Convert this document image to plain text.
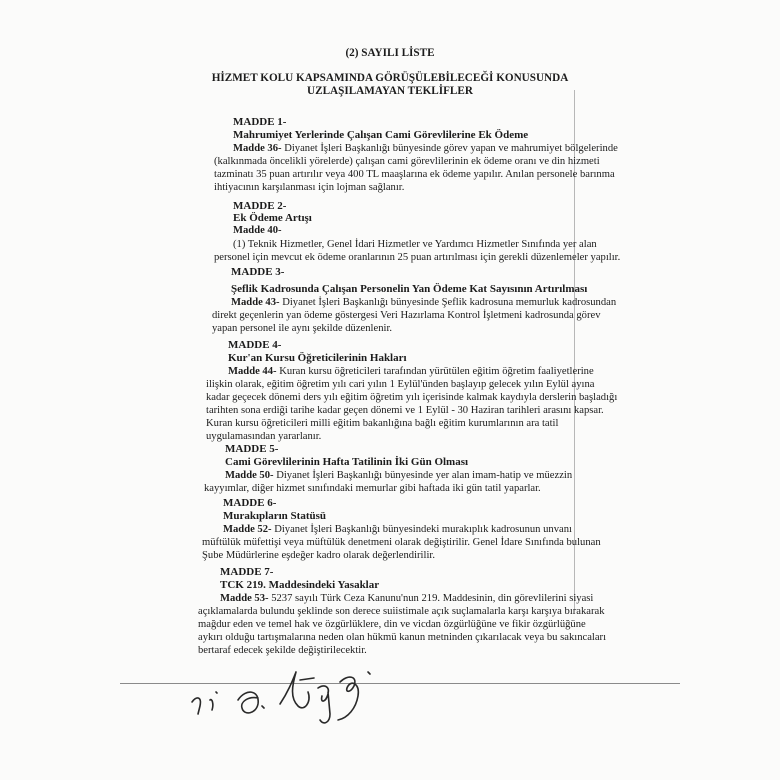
(2) SAYILI LİSTE
HİZMET KOLU KAPSAMINDA GÖRÜŞÜLEBİLECEĞİ KONUSUNDA
UZLAŞILAMAYAN TEKLİFLER
MADDE 1-
Mahrumiyet Yerlerinde Çalışan Cami Görevlilerine Ek Ödeme
Madde 36- Diyanet İşleri Başkanlığı bünyesinde görev yapan ve mahrumiyet bölgelerinde
(kalkınmada öncelikli yörelerde) çalışan cami görevlilerinin ek ödeme oranı ve din hizmeti
tazminatı 35 puan artırılır veya 400 TL maaşlarına ek ödeme yapılır. Anılan personele barınma
ihtiyacının karşılanması için lojman sağlanır.
MADDE 2-
Ek Ödeme Artışı
Madde 40-
(1) Teknik Hizmetler, Genel İdari Hizmetler ve Yardımcı Hizmetler Sınıfında yer alan
personel için mevcut ek ödeme oranlarının 25 puan artırılması için gerekli düzenlemeler yapılır.
MADDE 3-
Şeflik Kadrosunda Çalışan Personelin Yan Ödeme Kat Sayısının Artırılması
Madde 43- Diyanet İşleri Başkanlığı bünyesinde Şeflik kadrosuna memurluk kadrosundan
direkt geçenlerin yan ödeme göstergesi Veri Hazırlama Kontrol İşletmeni kadrosunda görev
yapan personel ile aynı şekilde düzenlenir.
MADDE 4-
Kur'an Kursu Öğreticilerinin Hakları
Madde 44- Kuran kursu öğreticileri tarafından yürütülen eğitim öğretim faaliyetlerine
ilişkin olarak, eğitim öğretim yılı cari yılın 1 Eylül'ünden başlayıp gelecek yılın Eylül ayına
kadar geçecek dönemi ders yılı eğitim öğretim yılı içerisinde kalmak kaydıyla derslerin başladığı
tarihten sona erdiği tarihe kadar geçen dönemi ve 1 Eylül - 30 Haziran tarihleri arasını kapsar.
Kuran kursu öğreticileri milli eğitim bakanlığına bağlı eğitim kurumlarının ara tatil
uygulamasından yararlanır.
MADDE 5-
Cami Görevlilerinin Hafta Tatilinin İki Gün Olması
Madde 50- Diyanet İşleri Başkanlığı bünyesinde yer alan imam-hatip ve müezzin
kayyımlar, diğer hizmet sınıfındaki memurlar gibi haftada iki gün tatil yaparlar.
MADDE 6-
Murakıpların Statüsü
Madde 52- Diyanet İşleri Başkanlığı bünyesindeki murakıplık kadrosunun unvanı
müftülük müfettişi veya müftülük denetmeni olarak değiştirilir. Genel İdare Sınıfında bulunan
Şube Müdürlerine eşdeğer kadro olarak değerlendirilir.
MADDE 7-
TCK 219. Maddesindeki Yasaklar
Madde 53- 5237 sayılı Türk Ceza Kanunu'nun 219. Maddesinin, din görevlilerini siyasi
açıklamalarda bulundu şeklinde son derece suiistimale açık suçlamalarla karşı karşıya bırakarak
mağdur eden ve temel hak ve özgürlüklere, din ve vicdan özgürlüğüne ve fikir özgürlüğüne
aykırı olduğu tartışmalarına neden olan hükmü kanun metninden çıkarılacak veya bu sakıncaları
bertaraf edecek şekilde değiştirilecektir.
